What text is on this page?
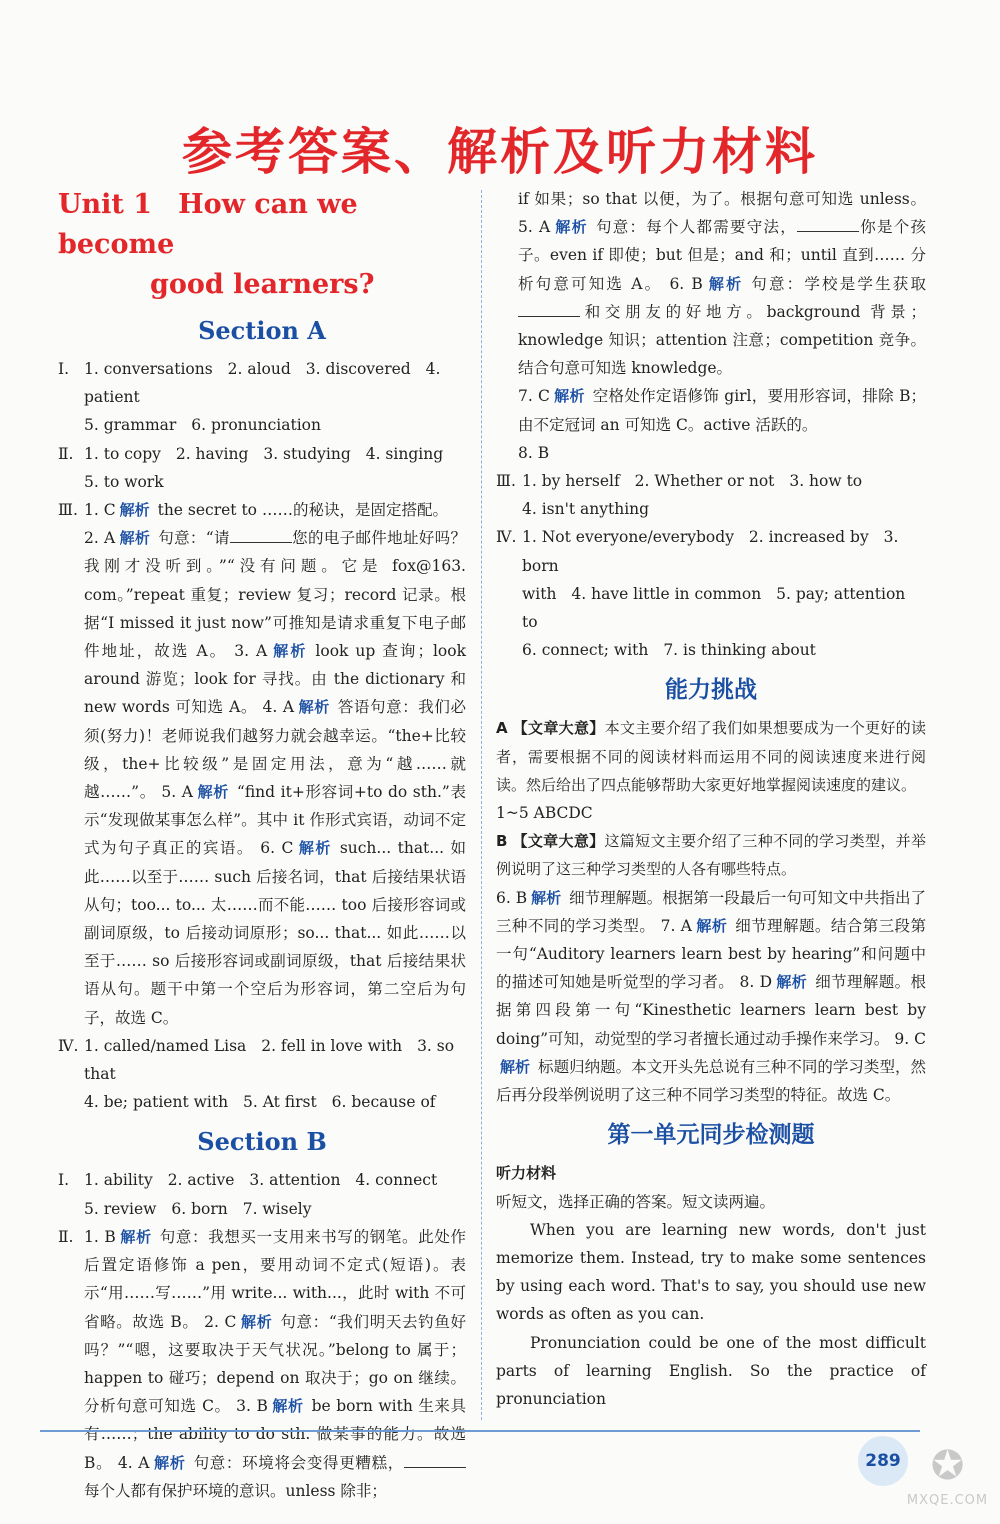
参考答案、解析及听力材料
Unit 1 How can we become
good learners?
Section A
Ⅰ. 1. conversations 2. aloud 3. discovered 4. patient
5. grammar 6. pronunciation
Ⅱ. 1. to copy 2. having 3. studying 4. singing
5. to work
Ⅲ. 1. C 解析 the secret to ……的秘诀，是固定搭配。
2. A 解析 句意：“请	您的电子邮件地址好吗？我刚才没听到。”“没有问题。它是 fox@163. com。”repeat 重复；review 复习；record 记录。根据“I missed it just now”可推知是请求重复下电子邮件地址，故选 A。 3. A 解析 look up 查询；look around 游览；look for 寻找。由 the dictionary 和 new words 可知选 A。 4. A 解析 答语句意：我们必须(努力)！老师说我们越努力就会越幸运。“the+比较级，the+比较级”是固定用法，意为“越……就越……”。 5. A 解析 “find it+形容词+to do sth.”表示“发现做某事怎么样”。其中 it 作形式宾语，动词不定式为句子真正的宾语。 6. C 解析 such... that... 如此……以至于…… such 后接名词，that 后接结果状语从句；too... to... 太……而不能…… too 后接形容词或副词原级，to 后接动词原形；so... that... 如此……以至于…… so 后接形容词或副词原级，that 后接结果状语从句。题干中第一个空后为形容词，第二空后为句子，故选 C。
Ⅳ. 1. called/named Lisa 2. fell in love with 3. so that
4. be; patient with 5. At first 6. because of
Section B
Ⅰ. 1. ability 2. active 3. attention 4. connect
5. review 6. born 7. wisely
Ⅱ. 1. B 解析 句意：我想买一支用来书写的钢笔。此处作后置定语修饰 a pen，要用动词不定式(短语)。表示“用……写……”用 write... with...，此时 with 不可省略。故选 B。 2. C 解析 句意：“我们明天去钓鱼好吗？”“嗯，这要取决于天气状况。”belong to 属于；happen to 碰巧；depend on 取决于；go on 继续。分析句意可知选 C。 3. B 解析 be born with 生来具有……；the ability to do sth. 做某事的能力。故选 B。 4. A 解析 句意：环境将会变得更糟糕，每个人都有保护环境的意识。unless 除非；
if 如果；so that 以便，为了。根据句意可知选 unless。 5. A 解析 句意：每个人都需要守法，	你是个孩子。even if 即使；but 但是；and 和；until 直到…… 分析句意可知选 A。 6. B 解析 句意：学校是学生获取和交朋友的好地方。background 背景；knowledge 知识；attention 注意；competition 竞争。结合句意可知选 knowledge。
7. C 解析 空格处作定语修饰 girl，要用形容词，排除 B；由不定冠词 an 可知选 C。active 活跃的。
8. B
Ⅲ. 1. by herself 2. Whether or not 3. how to
4. isn't anything
Ⅳ. 1. Not everyone/everybody 2. increased by 3. born
with 4. have little in common 5. pay; attention to
6. connect; with 7. is thinking about
能力挑战
A 【文章大意】本文主要介绍了我们如果想要成为一个更好的读者，需要根据不同的阅读材料而运用不同的阅读速度来进行阅读。然后给出了四点能够帮助大家更好地掌握阅读速度的建议。
1~5 ABCDC
B 【文章大意】这篇短文主要介绍了三种不同的学习类型，并举例说明了这三种学习类型的人各有哪些特点。
6. B 解析 细节理解题。根据第一段最后一句可知文中共指出了三种不同的学习类型。 7. A 解析 细节理解题。结合第三段第一句“Auditory learners learn best by hearing”和问题中的描述可知她是听觉型的学习者。 8. D 解析 细节理解题。根据第四段第一句“Kinesthetic learners learn best by doing”可知，动觉型的学习者擅长通过动手操作来学习。 9. C解析 标题归纳题。本文开头先总说有三种不同的学习类型，然后再分段举例说明了这三种不同学习类型的特征。故选 C。
第一单元同步检测题
听力材料
听短文，选择正确的答案。短文读两遍。
When you are learning new words, don't just memorize them. Instead, try to make some sentences by using each word. That's to say, you should use new words as often as you can.
Pronunciation could be one of the most difficult parts of learning English. So the practice of pronunciation
289 ✪
MXQE.COM
